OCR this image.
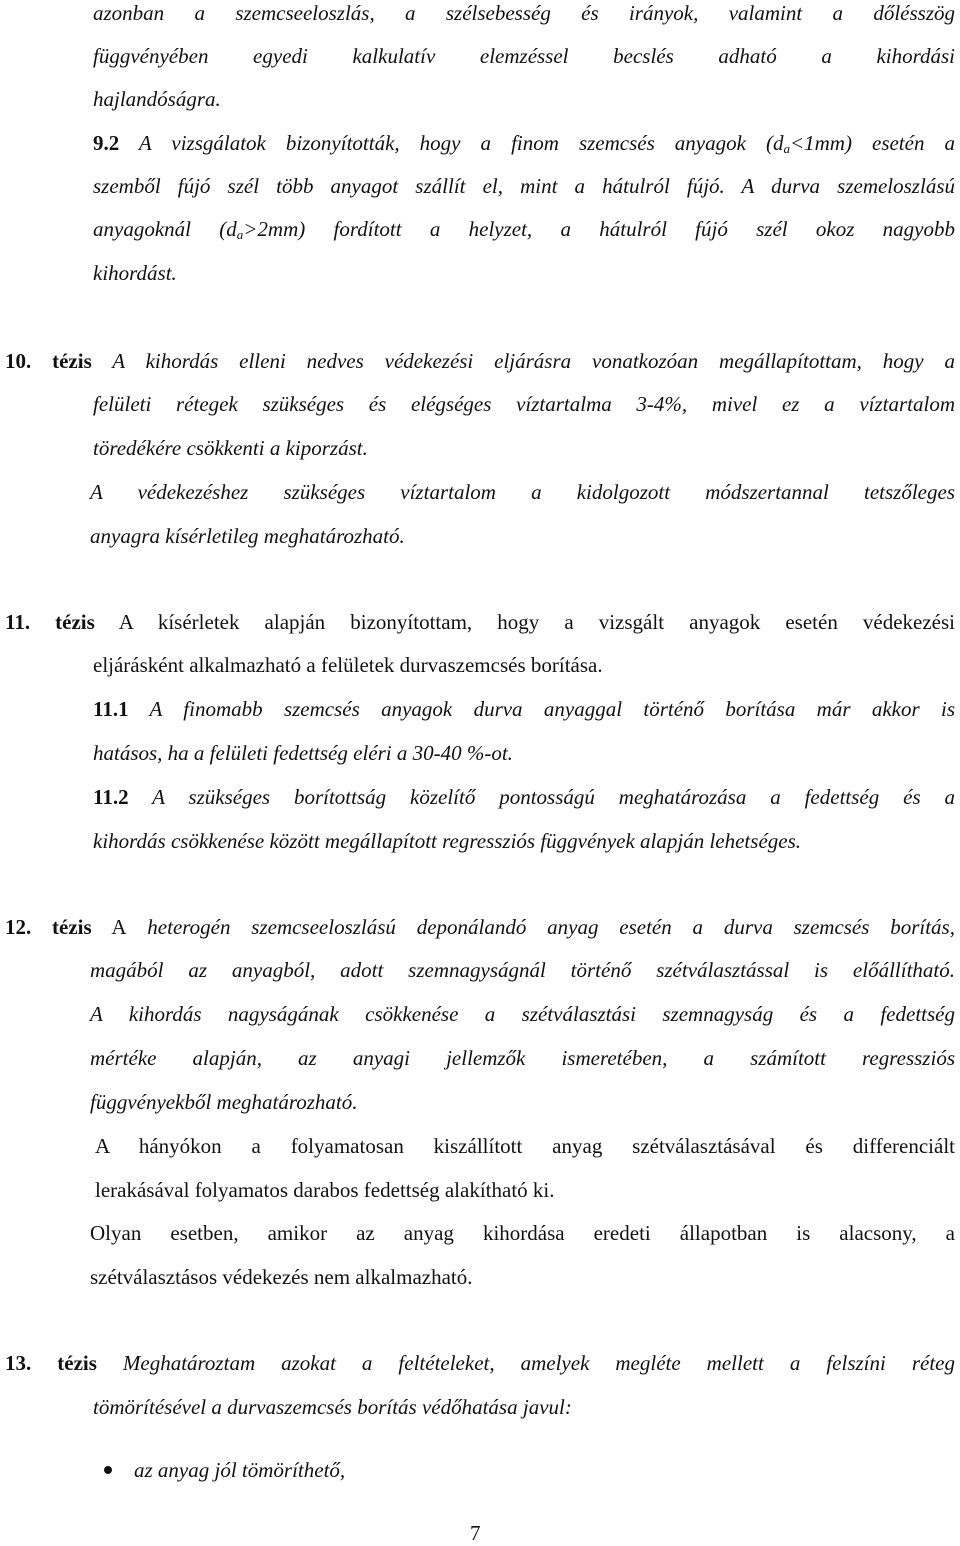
azonban a szemcseeloszlás, a szélsebesség és irányok, valamint a dőlésszög
függvényében egyedi kalkulatív elemzéssel becslés adható a kihordási
hajlandóságra.
9.2 A vizsgálatok bizonyították, hogy a finom szemcsés anyagok $(d_a<1mm)$ esetén a
szemből fújó szél több anyagot szállít el, mint a hátulról fújó. A durva szemeloszlású
anyagoknál $(d_a>2mm)$ fordított a helyzet, a hátulról fújó szél okoz nagyobb
kihordást.
10. tézis A kihordás elleni nedves védekezési eljárásra vonatkozóan megállapítottam, hogy a
felületi rétegek szükséges és elégséges víztartalma 3-4%, mivel ez a víztartalom
töredékére csökkenti a kiporzást.
A védekezéshez szükséges víztartalom a kidolgozott módszertannal tetszőleges
anyagra kísérletileg meghatározható.
11. tézis A kísérletek alapján bizonyítottam, hogy a vizsgált anyagok esetén védekezési
eljárásként alkalmazható a felületek durvaszemcsés borítása.
11.1 A finomabb szemcsés anyagok durva anyaggal történő borítása már akkor is
hatásos, ha a felületi fedettség eléri a 30-40 %-ot.
11.2 A szükséges borítottság közelítő pontosságú meghatározása a fedettség és a
kihordás csökkenése között megállapított regressziós függvények alapján lehetséges.
12. tézis A heterogén szemcseeloszlású deponálandó anyag esetén a durva szemcsés borítás,
magából az anyagból, adott szemnagyságnál történő szétválasztással is előállítható.
A kihordás nagyságának csökkenése a szétválasztási szemnagyság és a fedettség
mértéke alapján, az anyagi jellemzők ismeretében, a számított regressziós
függvényekből meghatározható.
A hányókon a folyamatosan kiszállított anyag szétválasztásával és differenciált
lerakásával folyamatos darabos fedettség alakítható ki.
Olyan esetben, amikor az anyag kihordása eredeti állapotban is alacsony, a
szétválasztásos védekezés nem alkalmazható.
13. tézis Meghatároztam azokat a feltételeket, amelyek megléte mellett a felszíni réteg
tömörítésével a durvaszemcsés borítás védőhatása javul:
az anyag jól tömöríthető,
7
